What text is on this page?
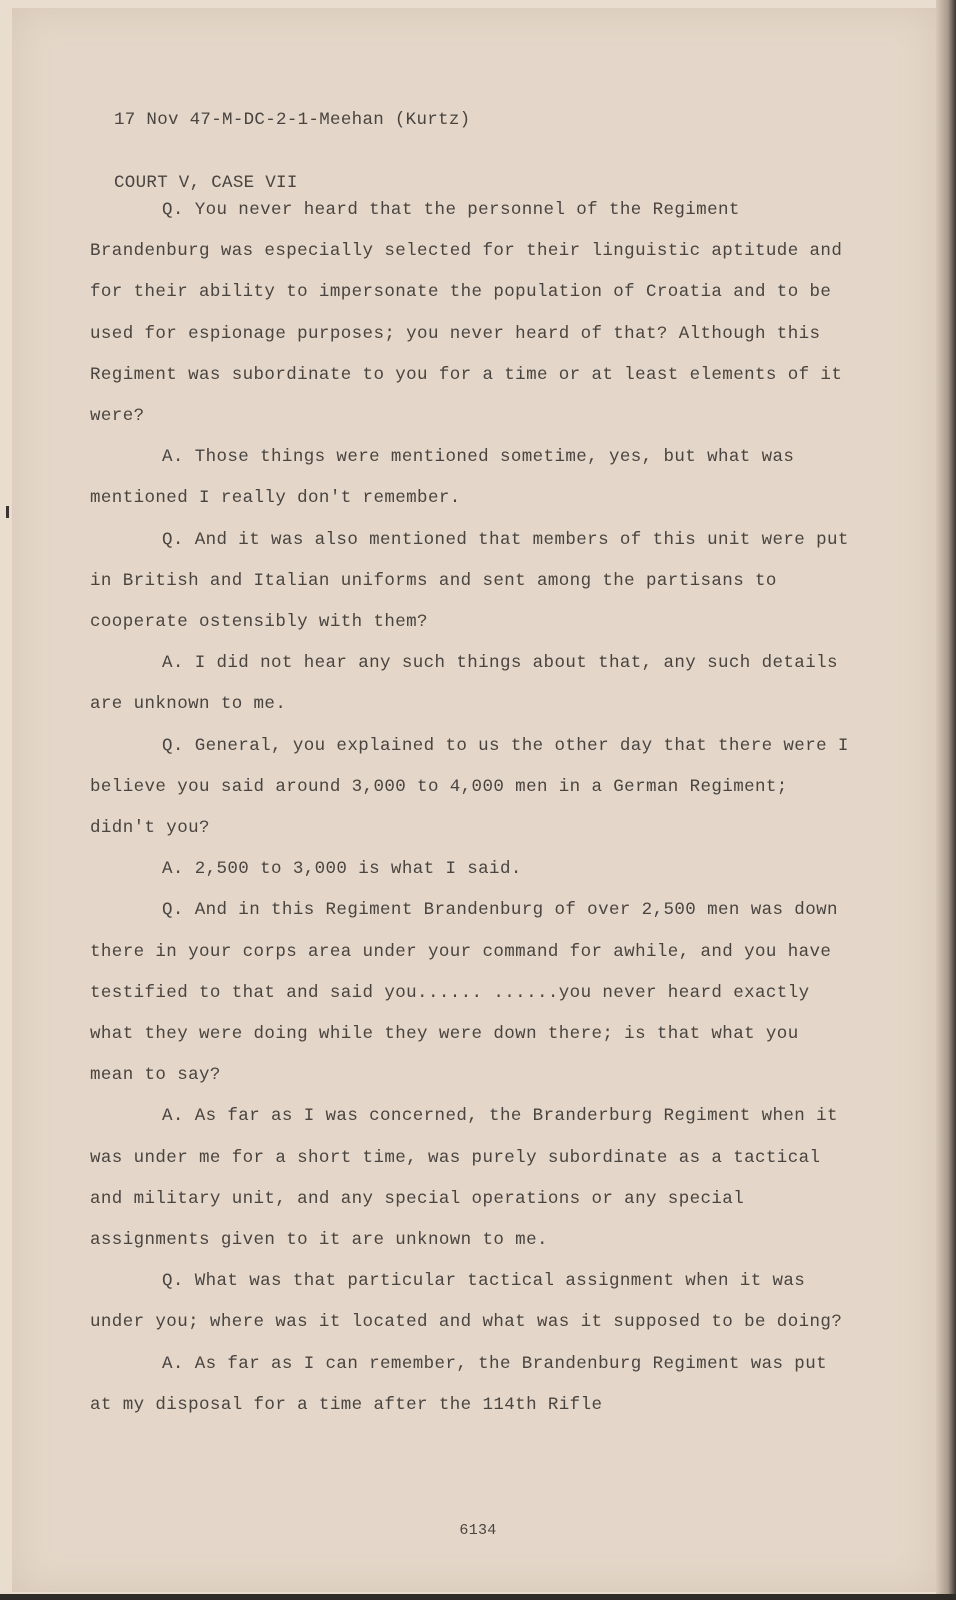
17 Nov 47-M-DC-2-1-Meehan (Kurtz)

COURT V, CASE VII

Q. You never heard that the personnel of the Regiment Brandenburg was especially selected for their linguistic aptitude and for their ability to impersonate the population of Croatia and to be used for espionage purposes; you never heard of that? Although this Regiment was subordinate to you for a time or at least elements of it were?

A. Those things were mentioned sometime, yes, but what was mentioned I really don't remember.

Q. And it was also mentioned that members of this unit were put in British and Italian uniforms and sent among the partisans to cooperate ostensibly with them?

A. I did not hear any such things about that, any such details are unknown to me.

Q. General, you explained to us the other day that there were I believe you said around 3,000 to 4,000 men in a German Regiment; didn't you?

A. 2,500 to 3,000 is what I said.

Q. And in this Regiment Brandenburg of over 2,500 men was down there in your corps area under your command for awhile, and you have testified to that and said you...... ......you never heard exactly what they were doing while they were down there; is that what you mean to say?

A. As far as I was concerned, the Branderburg Regiment when it was under me for a short time, was purely subordinate as a tactical and military unit, and any special operations or any special assignments given to it are unknown to me.

Q. What was that particular tactical assignment when it was under you; where was it located and what was it supposed to be doing?

A. As far as I can remember, the Brandenburg Regiment was put at my disposal for a time after the 114th Rifle

6134
